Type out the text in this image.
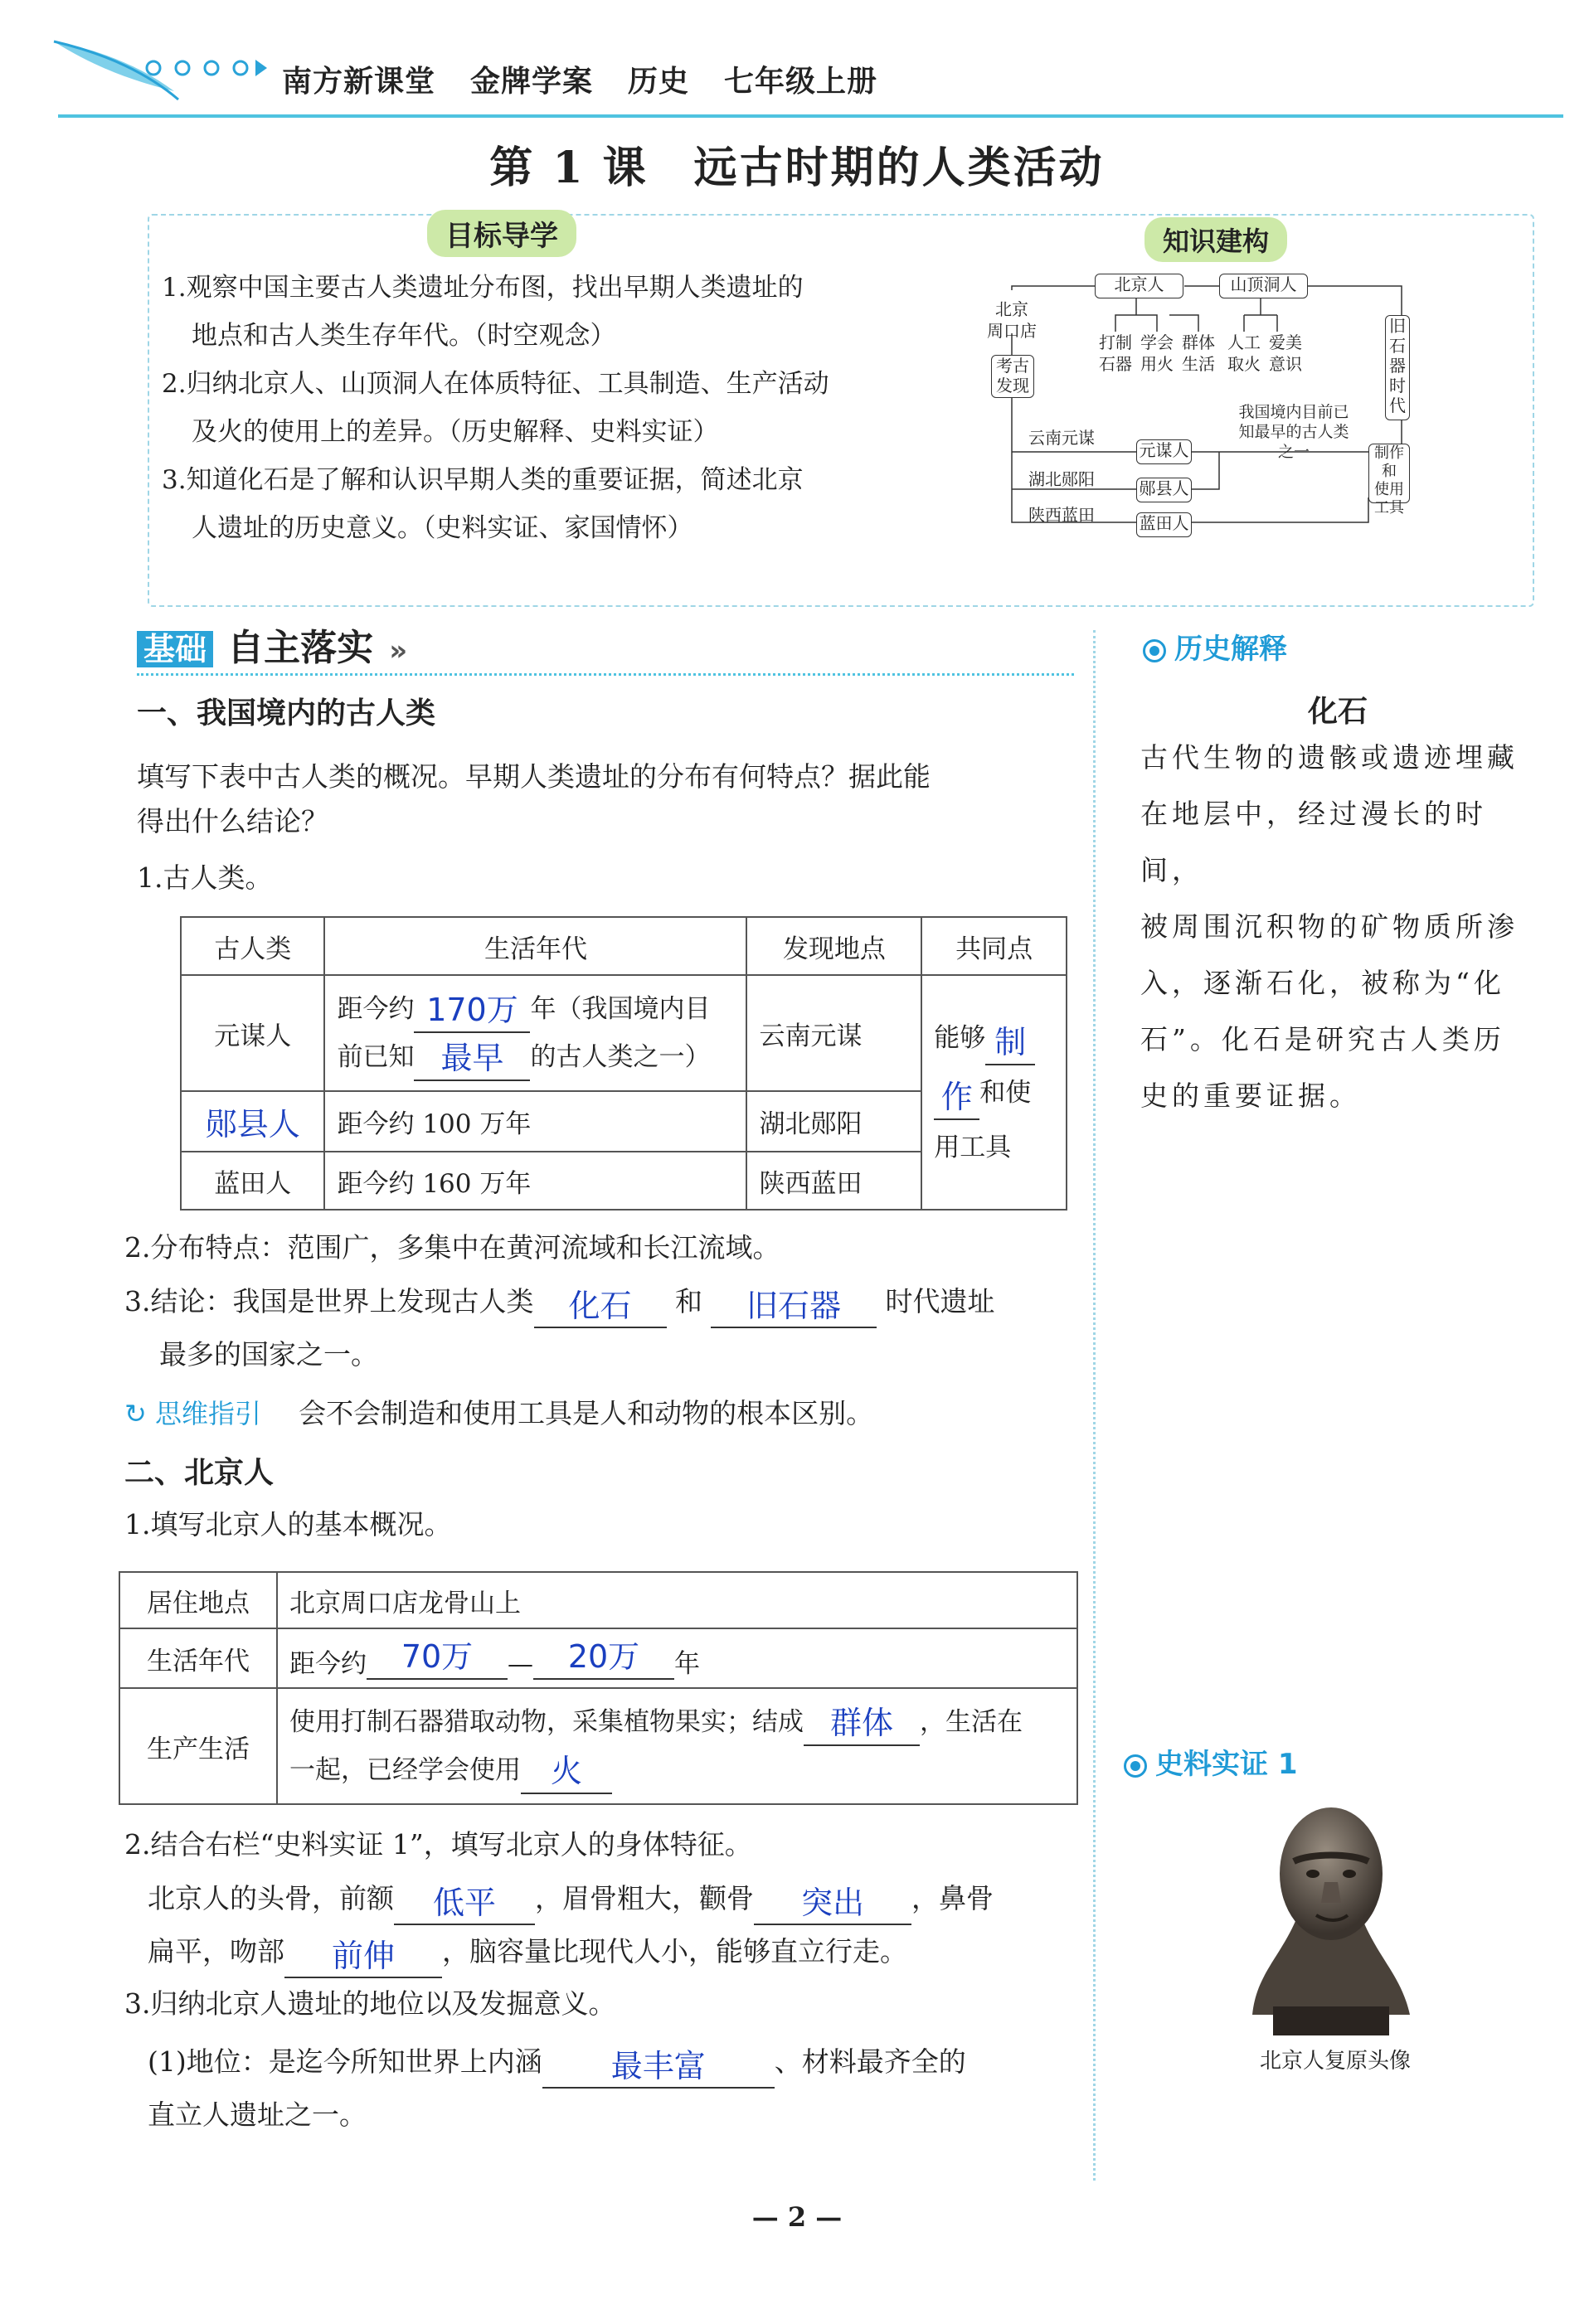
南方新课堂 金牌学案 历史 七年级上册
第 1 课　远古时期的人类活动
目标导学
1.观察中国主要古人类遗址分布图，找出早期人类遗址的
地点和古人类生存年代。（时空观念）
2.归纳北京人、山顶洞人在体质特征、工具制造、生产活动
及火的使用上的差异。（历史解释、史料实证）
3.知道化石是了解和认识早期人类的重要证据，简述北京
人遗址的历史意义。（史料实证、家国情怀）
知识建构
北京人	山顶洞人
北京
周口店
考古
发现
打制
石器
学会
用火
群体
生活
人工
取火
爱美
意识
旧
石
器
时
代
我国境内目前已
知最早的古人类
之一
云南元谋
湖北郧阳
陕西蓝田
元谋人
郧县人
蓝田人
制作和
使用
工具
基础 自主落实 »
一、我国境内的古人类
填写下表中古人类的概况。早期人类遗址的分布有何特点？据此能
得出什么结论？
1.古人类。
古人类	生活年代	发现地点	共同点
元谋人	距今约 170万 年（我国境内目
前已知 最早 的古人类之一）	云南元谋	能够 制
作 和使
用工具
郧县人	距今约 100 万年	湖北郧阳	
蓝田人	距今约 160 万年	陕西蓝田	
2.分布特点：范围广，多集中在黄河流域和长江流域。
3.结论：我国是世界上发现古人类 化石 和 旧石器 时代遗址
最多的国家之一。
↻ 思维指引 会不会制造和使用工具是人和动物的根本区别。
二、北京人
1.填写北京人的基本概况。
居住地点	北京周口店龙骨山上
生活年代	距今约 70万 — 20万 年
生产生活	使用打制石器猎取动物，采集植物果实；结成 群体 ，生活在
一起，已经学会使用 火
2.结合右栏“史料实证 1”，填写北京人的身体特征。
北京人的头骨，前额 低平 ，眉骨粗大，颧骨 突出 ，鼻骨
扁平，吻部 前伸 ，脑容量比现代人小，能够直立行走。
3.归纳北京人遗址的地位以及发掘意义。
(1)地位：是迄今所知世界上内涵 最丰富	、材料最齐全的
直立人遗址之一。
历史解释
化石
古代生物的遗骸或遗迹埋藏
在地层中，经过漫长的时间，
被周围沉积物的矿物质所渗
入，逐渐石化，被称为“化
石”。化石是研究古人类历
史的重要证据。
史料实证 1
北京人复原头像
— 2 —
